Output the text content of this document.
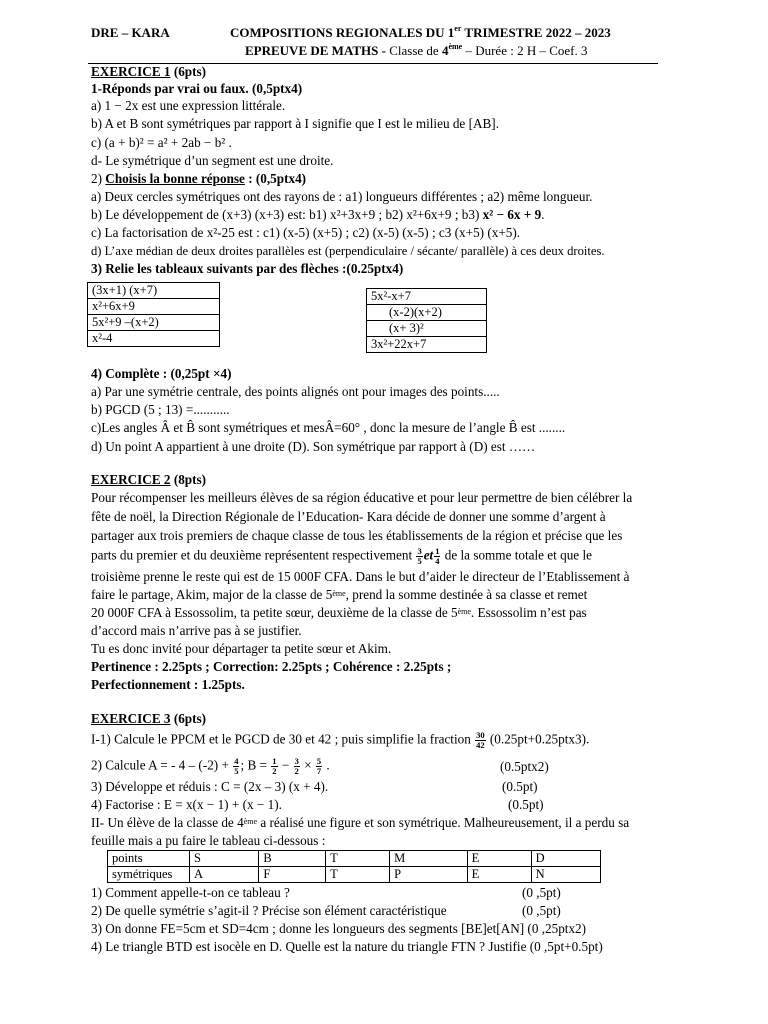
DRE – KARA	COMPOSITIONS REGIONALES DU 1er TRIMESTRE 2022 – 2023
EPREUVE DE MATHS - Classe de 4ème – Durée : 2 H – Coef. 3
EXERCICE 1 (6pts)
1-Réponds par vrai ou faux. (0,5ptx4)
a) 1 − 2x est une expression littérale.
b) A et B sont symétriques par rapport à I signifie que I est le milieu de [AB].
c) (a + b)² = a² + 2ab − b² .
d- Le symétrique d’un segment est une droite.
2) Choisis la bonne réponse : (0,5ptx4)
a) Deux cercles symétriques ont des rayons de : a1) longueurs différentes ; a2) même longueur.
b) Le développement de (x+3) (x+3) est: b1) x²+3x+9 ; b2) x²+6x+9 ; b3) x² − 6x + 9.
c) La factorisation de x²-25 est : c1) (x-5) (x+5) ; c2) (x-5) (x-5) ; c3 (x+5) (x+5).
d) L’axe médian de deux droites parallèles est (perpendiculaire / sécante/ parallèle) à ces deux droites.
3) Relie les tableaux suivants par des flèches :(0.25ptx4)
(3x+1) (x+7)
x²+6x+9
5x²+9 –(x+2)
x²-4
5x²-x+7
(x-2)(x+2)
(x+ 3)²
3x²+22x+7
4) Complète : (0,25pt ×4)
a) Par une symétrie centrale, des points alignés ont pour images des points.....
b) PGCD (5 ; 13) =...........
c)Les angles Â et B̂ sont symétriques et mesÂ=60° , donc la mesure de l’angle B̂ est ........
d) Un point A appartient à une droite (D). Son symétrique par rapport à (D) est ……
EXERCICE 2 (8pts)
Pour récompenser les meilleurs élèves de sa région éducative et pour leur permettre de bien célébrer la
fête de noël, la Direction Régionale de l’Education- Kara décide de donner une somme d’argent à
partager aux trois premiers de chaque classe de tous les établissements de la région et précise que les
parts du premier et du deuxième représentent respectivement $\frac{3}{5}$ et $\frac{1}{4}$ de la somme totale et que le
troisième prenne le reste qui est de 15 000F CFA. Dans le but d’aider le directeur de l’Etablissement à
faire le partage, Akim, major de la classe de 5ème, prend la somme destinée à sa classe et remet
20 000F CFA à Essossolim, ta petite sœur, deuxième de la classe de 5ème. Essossolim n’est pas
d’accord mais n’arrive pas à se justifier.
Tu es donc invité pour départager ta petite sœur et Akim.
Pertinence : 2.25pts ; Correction: 2.25pts ; Cohérence : 2.25pts ;
Perfectionnement : 1.25pts.
EXERCICE 3 (6pts)
I-1) Calcule le PPCM et le PGCD de 30 et 42 ; puis simplifie la fraction $\frac{30}{42} (0.25pt+0.25ptx3)$.
2) Calcule A = - $4 - (-2) + \frac{4}{5}$ ; $B = \frac{1}{2} - \frac{3}{2} \times \frac{5}{7}$ .	(0.5ptx2)
3) Développe et réduis : C = (2x – 3) (x + 4).	(0.5pt)
4) Factorise : E = x(x − 1) + (x − 1).	(0.5pt)
II- Un élève de la classe de 4ème a réalisé une figure et son symétrique. Malheureusement, il a perdu sa
feuille mais a pu faire le tableau ci-dessous :
points	S	B	T	M	E	D
symétriques	A	F	T	P	E	N
1) Comment appelle-t-on ce tableau ?	(0 ,5pt)
2) De quelle symétrie s’agit-il ? Précise son élément caractéristique	(0 ,5pt)
3) On donne FE=5cm et SD=4cm ; donne les longueurs des segments [BE]et[AN] (0 ,25ptx2)
4) Le triangle BTD est isocèle en D. Quelle est la nature du triangle FTN ? Justifie (0 ,5pt+0.5pt)
